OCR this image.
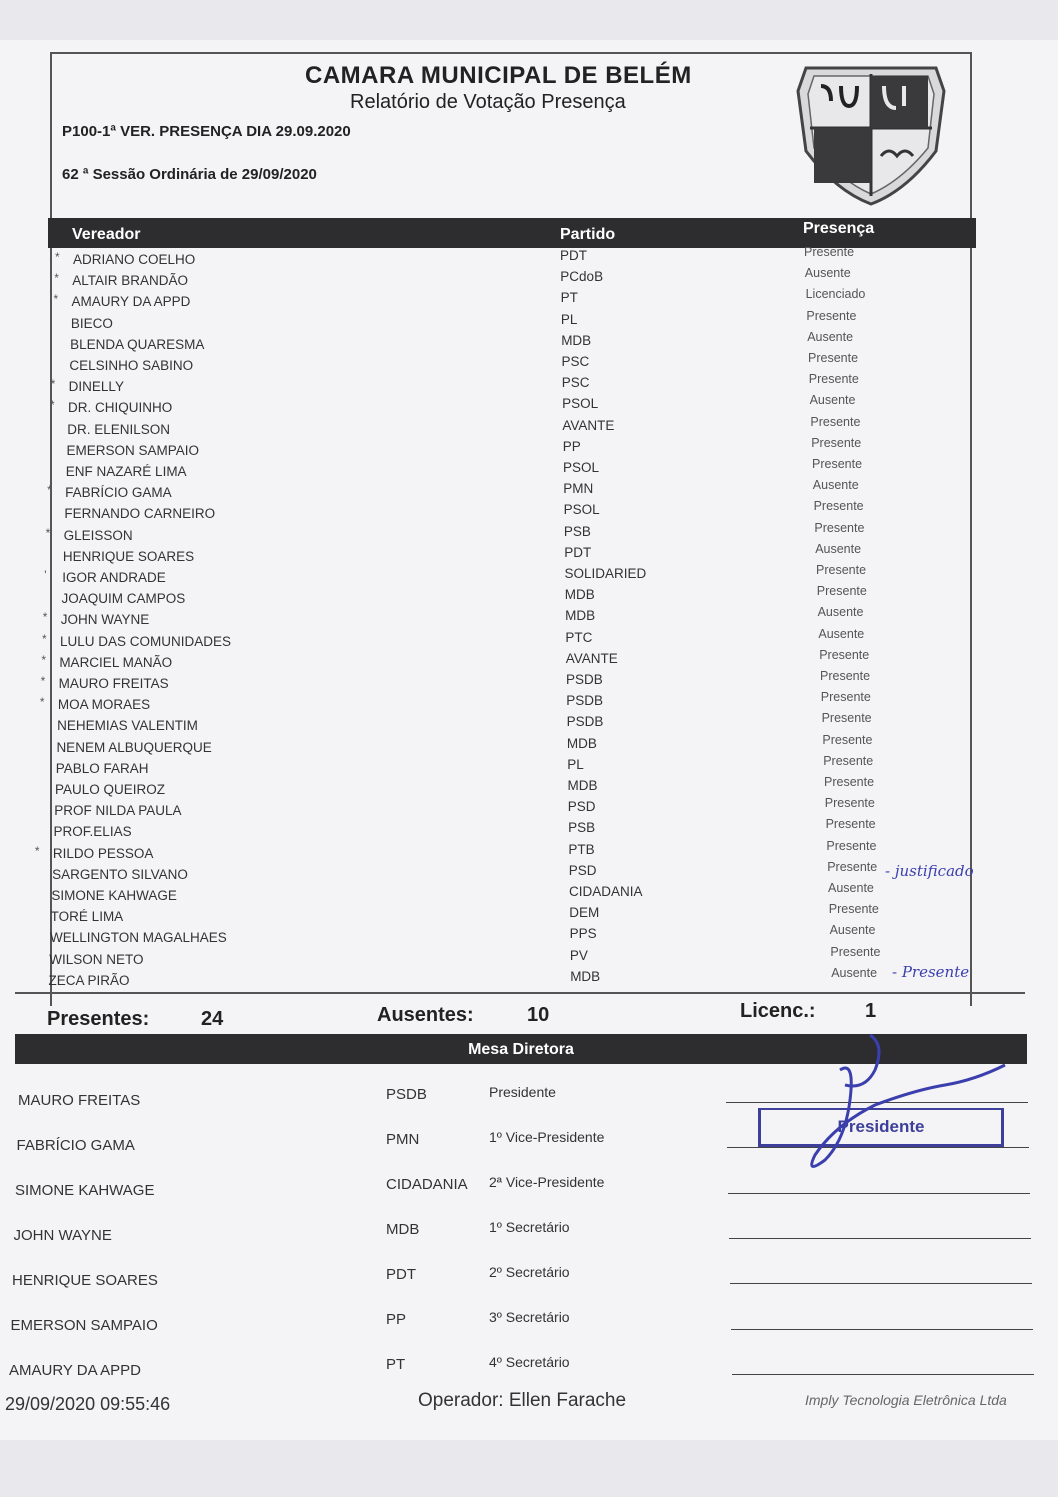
CAMARA MUNICIPAL DE BELÉM
Relatório de Votação Presença
P100-1ª VER. PRESENÇA DIA 29.09.2020
62 ª Sessão Ordinária de 29/09/2020
Vereador	Partido	Presença
* ADRIANO COELHO	PDT	Presente
* ALTAIR BRANDÃO	PCdoB	Ausente
* AMAURY DA APPD	PT	Licenciado
BIECO	PL	Presente
BLENDA QUARESMA	MDB	Ausente
CELSINHO SABINO	PSC	Presente
* DINELLY	PSC	Presente
* DR. CHIQUINHO	PSOL	Ausente
DR. ELENILSON	AVANTE	Presente
EMERSON SAMPAIO	PP	Presente
ENF NAZARÉ LIMA	PSOL	Presente
* FABRÍCIO GAMA	PMN	Ausente
FERNANDO CARNEIRO	PSOL	Presente
* GLEISSON	PSB	Presente
HENRIQUE SOARES	PDT	Ausente
' IGOR ANDRADE	SOLIDARIED	Presente
JOAQUIM CAMPOS	MDB	Presente
* JOHN WAYNE	MDB	Ausente
* LULU DAS COMUNIDADES	PTC	Ausente
* MARCIEL MANÃO	AVANTE	Presente
* MAURO FREITAS	PSDB	Presente
* MOA MORAES	PSDB	Presente
NEHEMIAS VALENTIM	PSDB	Presente
NENEM ALBUQUERQUE	MDB	Presente
PABLO FARAH	PL	Presente
PAULO QUEIROZ	MDB	Presente
PROF NILDA PAULA	PSD	Presente
PROF.ELIAS	PSB	Presente
* RILDO PESSOA	PTB	Presente
SARGENTO SILVANO	PSD	Presente
SIMONE KAHWAGE	CIDADANIA	Ausente
TORÉ LIMA	DEM	Presente
WELLINGTON MAGALHAES	PPS	Ausente
WILSON NETO	PV	Presente
ZECA PIRÃO	MDB	Ausente
- justificado
- Presente
Presentes:	24	Ausentes:	10	Licenc.: 1
Mesa Diretora
MAURO FREITAS	PSDB	Presidente
FABRÍCIO GAMA	PMN	1º Vice-Presidente
SIMONE KAHWAGE	CIDADANIA 2ª Vice-Presidente
JOHN WAYNE	MDB	1º Secretário
HENRIQUE SOARES	PDT	2º Secretário
EMERSON SAMPAIO	PP	3º Secretário
AMAURY DA APPD	PT	4º Secretário
Presidente
29/09/2020 09:55:46	Operador: Ellen Farache	Imply Tecnologia Eletrônica Ltda
